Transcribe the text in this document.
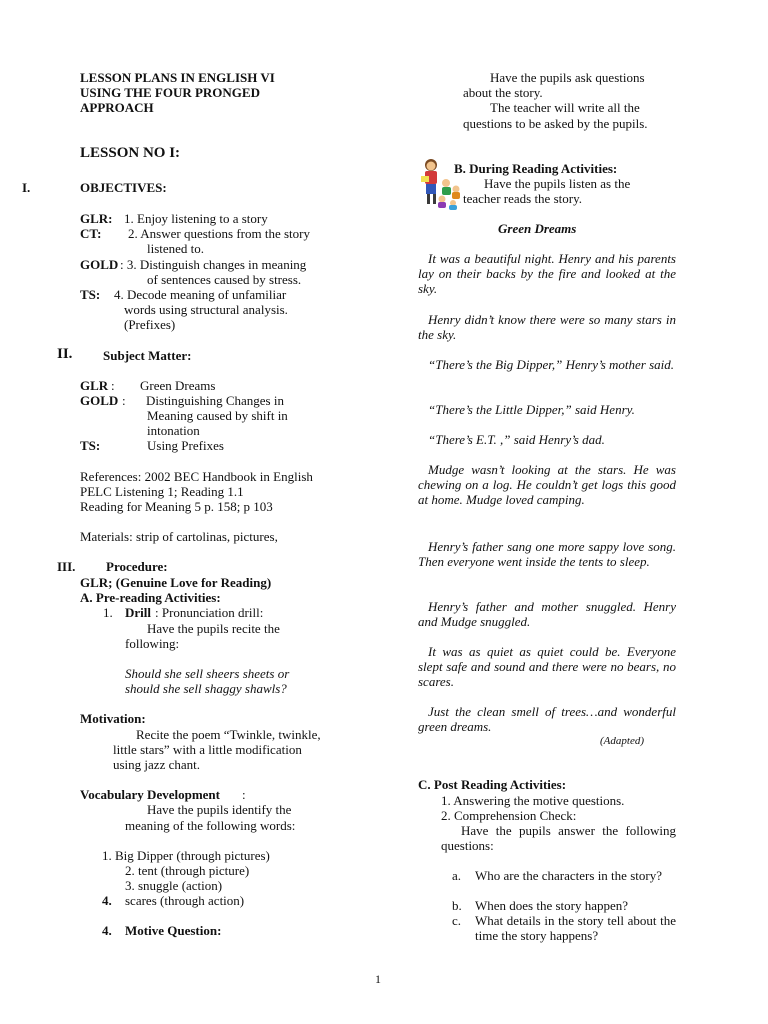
LESSON PLANS IN ENGLISH VI
USING THE FOUR PRONGED
APPROACH
LESSON NO I:
I.	OBJECTIVES:
GLR: 1. Enjoy listening to a story
CT: 2. Answer questions from the story
listened to.
GOLD : 3. Distinguish changes in meaning
of sentences caused by stress.
TS: 4. Decode meaning of unfamiliar
words using structural analysis.
(Prefixes)
II. Subject Matter:
GLR : Green Dreams
GOLD : Distinguishing Changes in
Meaning caused by shift in
intonation
TS:	Using Prefixes
References: 2002 BEC Handbook in English
PELC Listening 1; Reading 1.1
Reading for Meaning 5 p. 158; p 103
Materials: strip of cartolinas, pictures,
III. Procedure:
GLR; (Genuine Love for Reading)
A. Pre-reading Activities:
1. Drill : Pronunciation drill:
Have the pupils recite the
following:
Should she sell sheers sheets or
should she sell shaggy shawls?
Motivation:
Recite the poem “Twinkle, twinkle,
little stars” with a little modification
using jazz chant.
Vocabulary Development :
Have the pupils identify the
meaning of the following words:
1. Big Dipper (through pictures)
2. tent (through picture)
3. snuggle (action)
4. scares (through action)
4. Motive Question:
Have the pupils ask questions
about the story.
The teacher will write all the
questions to be asked by the pupils.
B. During Reading Activities:
Have the pupils listen as the
teacher reads the story.
Green Dreams
It was a beautiful night. Henry and his parents lay on their backs by the fire and looked at the sky.
Henry didn’t know there were so many stars in the sky.
“There’s the Big Dipper,” Henry’s mother said.
“There’s the Little Dipper,” said Henry.
“There’s E.T. ,” said Henry’s dad.
Mudge wasn’t looking at the stars. He was chewing on a log. He couldn’t get logs this good at home. Mudge loved camping.
Henry’s father sang one more sappy love song. Then everyone went inside the tents to sleep.
Henry’s father and mother snuggled. Henry and Mudge snuggled.
It was as quiet as quiet could be. Everyone slept safe and sound and there were no bears, no scares.
Just the clean smell of trees…and wonderful green dreams.
(Adapted)
C. Post Reading Activities:
1. Answering the motive questions.
2. Comprehension Check:
Have the pupils answer the following questions:
a. Who are the characters in the story?
b. When does the story happen?
c. What details in the story tell about the time the story happens?
1
